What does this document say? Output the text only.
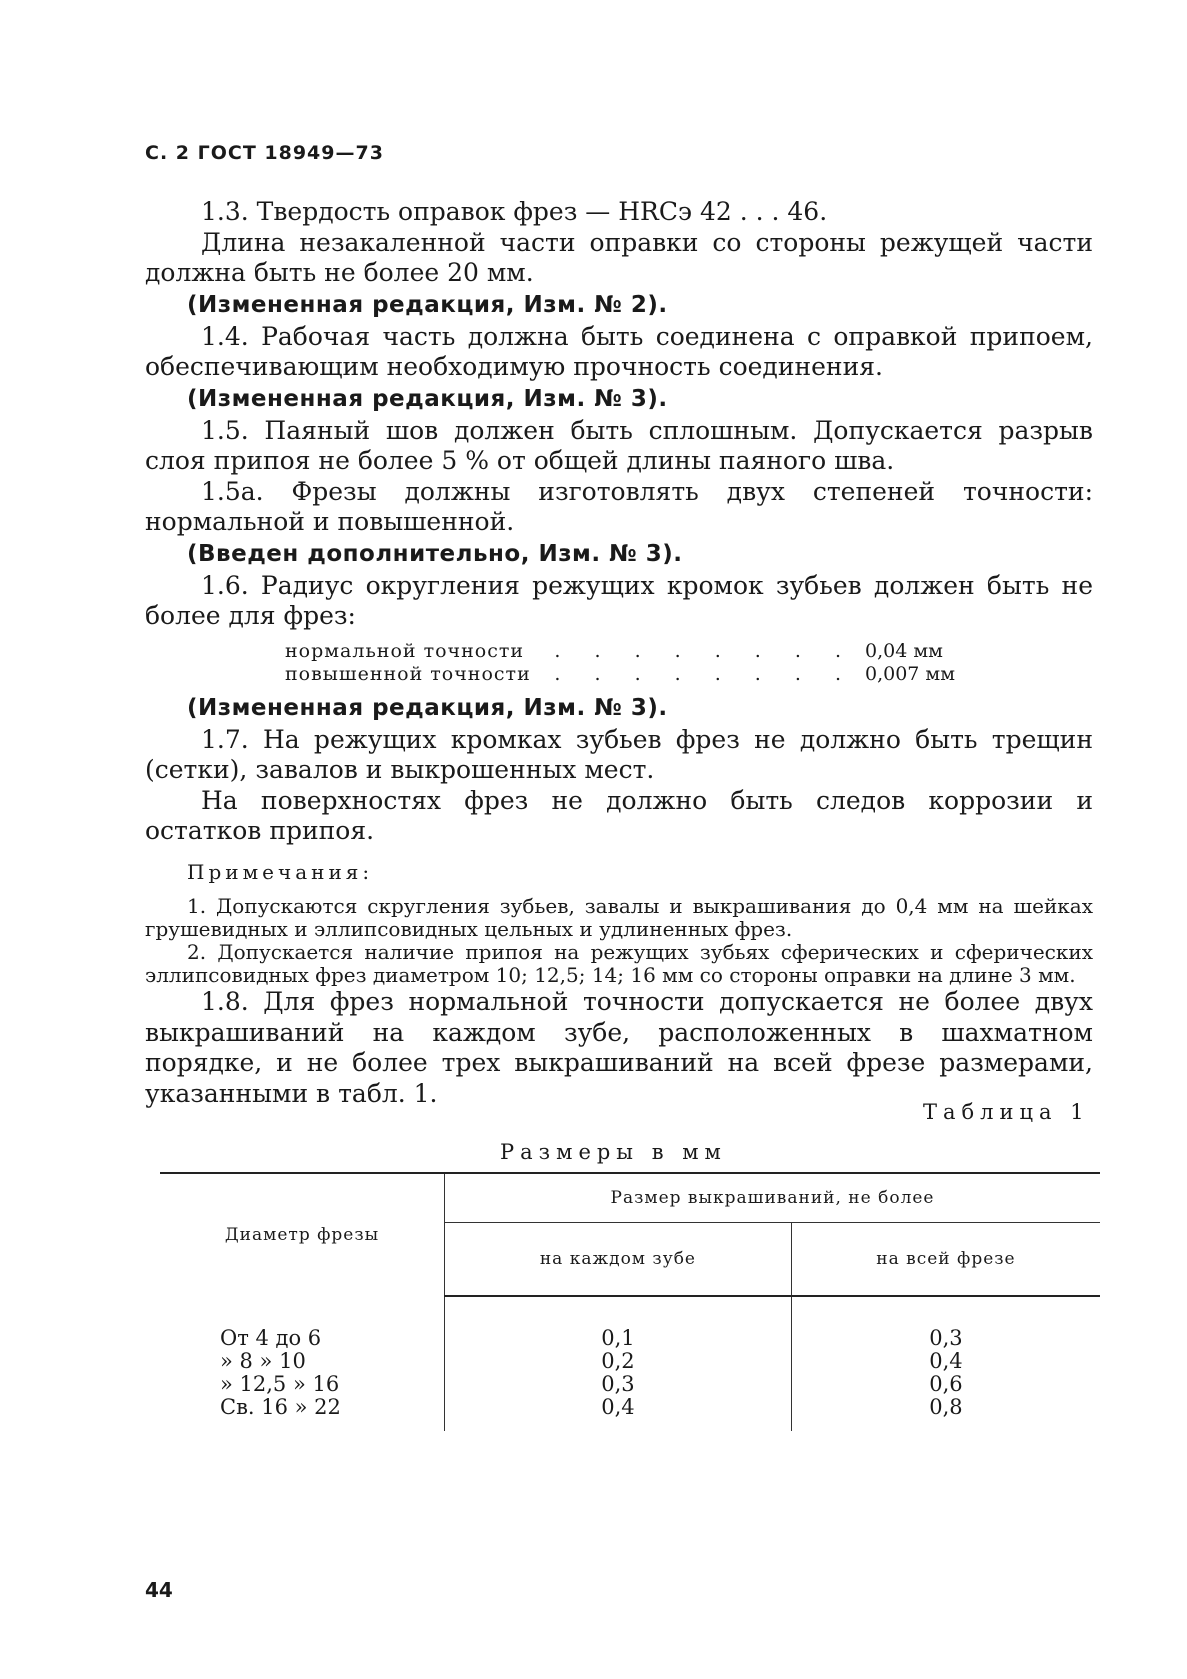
С. 2 ГОСТ 18949—73

1.3. Твердость оправок фрез — HRCэ 42 . . . 46.

Длина незакаленной части оправки со стороны режущей части должна быть не более 20 мм.

(Измененная редакция, Изм. № 2).

1.4. Рабочая часть должна быть соединена с оправкой припоем, обеспечивающим необходимую прочность соединения.

(Измененная редакция, Изм. № 3).

1.5. Паяный шов должен быть сплошным. Допускается разрыв слоя припоя не более 5 % от общей длины паяного шва.

1.5а. Фрезы должны изготовлять двух степеней точности: нормальной и повышенной.

(Введен дополнительно, Изм. № 3).

1.6. Радиус округления режущих кромок зубьев должен быть не более для фрез:

нормальной точности	. . . . . . . . 0,04 мм
повышенной точности	. . . . . . . . 0,007 мм

(Измененная редакция, Изм. № 3).

1.7. На режущих кромках зубьев фрез не должно быть трещин (сетки), завалов и выкрошенных мест.

На поверхностях фрез не должно быть следов коррозии и остатков припоя.

Примечания:

1. Допускаются скругления зубьев, завалы и выкрашивания до 0,4 мм на шейках грушевидных и эллипсовидных цельных и удлиненных фрез.

2. Допускается наличие припоя на режущих зубьях сферических и сферических эллипсовидных фрез диаметром 10; 12,5; 14; 16 мм со стороны оправки на длине 3 мм.

1.8. Для фрез нормальной точности допускается не более двух выкрашиваний на каждом зубе, расположенных в шахматном порядке, и не более трех выкрашиваний на всей фрезе размерами, указанными в табл. 1.

Таблица 1
Размеры в мм
Диаметр фрезы	Размер выкрашиваний, не более	
	на каждом зубе	на всей фрезе
От 4 до 6	0,1	0,3
» 8 » 10	0,2	0,4
» 12,5 » 16	0,3	0,6
Св. 16 » 22	0,4	0,8
44
